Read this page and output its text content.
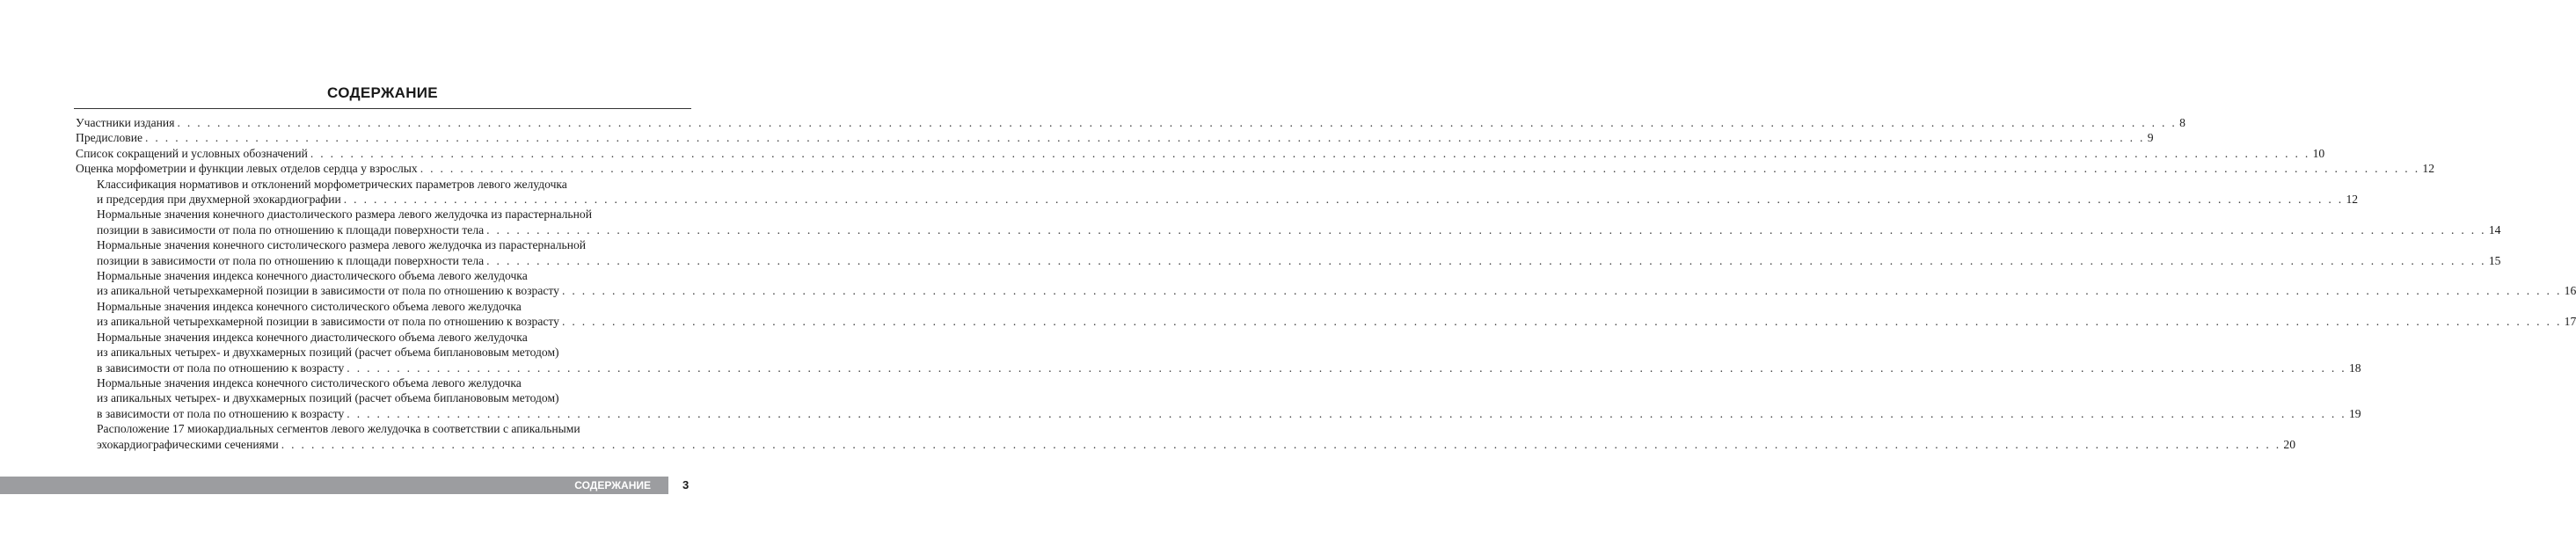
СОДЕРЖАНИЕ
Участники издания . . . . . . . . . . . . . . . . . . . . . . . . . . . . . . . . . . . . . . . . . . . . . . . . . . . . . . . . . . . . . . . . . . . . . . . . . . . . . . . . . . . . . . . . . . . . . . . . . . . . . . . . . . . . . . . . . . . . . . . . . . . . . . . . . . . . . . . . . . . . . . . . . . . . . . . . . . . . . . . . . . . . . . . . . . . . . . . . . . . . . . . . . . . . . . . . . . . . . . . . 8
Предисловие . . . . . . . . . . . . . . . . . . . . . . . . . . . . . . . . . . . . . . . . . . . . . . . . . . . . . . . . . . . . . . . . . . . . . . . . . . . . . . . . . . . . . . . . . . . . . . . . . . . . . . . . . . . . . . . . . . . . . . . . . . . . . . . . . . . . . . . . . . . . . . . . . . . . . . . . . . . . . . . . . . . . . . . . . . . . . . . . . . . . . . . . . . . . . . . . . . . . . . . . 9
Список сокращений и условных обозначений . . . . . . . . . . . . . . . . . . . . . . . . . . . . . . . . . . . . . . . . . . . . . . . . . . . . . . . . . . . . . . . . . . . . . . . . . . . . . . . . . . . . . . . . . . . . . . . . . . . . . . . . . . . . . . . . . . . . . . . . . . . . . . . . . . . . . . . . . . . . . . . . . . . . . . . . . . . . . . . . . . . . . . . . . . . . . . . . . . . . . . . . . . . . . . . . . . . . . . . . 10
Оценка морфометрии и функции левых отделов сердца у взрослых . . . . . . . . . . . . . . . . . . . . . . . . . . . . . . . . . . . . . . . . . . . . . . . . . . . . . . . . . . . . . . . . . . . . . . . . . . . . . . . . . . . . . . . . . . . . . . . . . . . . . . . . . . . . . . . . . . . . . . . . . . . . . . . . . . . . . . . . . . . . . . . . . . . . . . . . . . . . . . . . . . . . . . . . . . . . . . . . . . . . . . . . . . . . . . . . . . . . . . . . 12
Классификация нормативов и отклонений морфометрических параметров левого желудочка
и предсердия при двухмерной эхокардиографии . . . . . . . . . . . . . . . . . . . . . . . . . . . . . . . . . . . . . . . . . . . . . . . . . . . . . . . . . . . . . . . . . . . . . . . . . . . . . . . . . . . . . . . . . . . . . . . . . . . . . . . . . . . . . . . . . . . . . . . . . . . . . . . . . . . . . . . . . . . . . . . . . . . . . . . . . . . . . . . . . . . . . . . . . . . . . . . . . . . . . . . . . . . . . . . . . . . . . . . . 12
Нормальные значения конечного диастолического размера левого желудочка из парастернальной
позиции в зависимости от пола по отношению к площади поверхности тела . . . . . . . . . . . . . . . . . . . . . . . . . . . . . . . . . . . . . . . . . . . . . . . . . . . . . . . . . . . . . . . . . . . . . . . . . . . . . . . . . . . . . . . . . . . . . . . . . . . . . . . . . . . . . . . . . . . . . . . . . . . . . . . . . . . . . . . . . . . . . . . . . . . . . . . . . . . . . . . . . . . . . . . . . . . . . . . . . . . . . . . . . . . . . . . . . . . . . . . . 14
Нормальные значения конечного систолического размера левого желудочка из парастернальной
позиции в зависимости от пола по отношению к площади поверхности тела . . . . . . . . . . . . . . . . . . . . . . . . . . . . . . . . . . . . . . . . . . . . . . . . . . . . . . . . . . . . . . . . . . . . . . . . . . . . . . . . . . . . . . . . . . . . . . . . . . . . . . . . . . . . . . . . . . . . . . . . . . . . . . . . . . . . . . . . . . . . . . . . . . . . . . . . . . . . . . . . . . . . . . . . . . . . . . . . . . . . . . . . . . . . . . . . . . . . . . . . 15
Нормальные значения индекса конечного диастолического объема левого желудочка
из апикальной четырехкамерной позиции в зависимости от пола по отношению к возрасту . . . . . . . . . . . . . . . . . . . . . . . . . . . . . . . . . . . . . . . . . . . . . . . . . . . . . . . . . . . . . . . . . . . . . . . . . . . . . . . . . . . . . . . . . . . . . . . . . . . . . . . . . . . . . . . . . . . . . . . . . . . . . . . . . . . . . . . . . . . . . . . . . . . . . . . . . . . . . . . . . . . . . . . . . . . . . . . . . . . . . . . . . . . . . . . . . . . . . . . . 16
Нормальные значения индекса конечного систолического объема левого желудочка
из апикальной четырехкамерной позиции в зависимости от пола по отношению к возрасту . . . . . . . . . . . . . . . . . . . . . . . . . . . . . . . . . . . . . . . . . . . . . . . . . . . . . . . . . . . . . . . . . . . . . . . . . . . . . . . . . . . . . . . . . . . . . . . . . . . . . . . . . . . . . . . . . . . . . . . . . . . . . . . . . . . . . . . . . . . . . . . . . . . . . . . . . . . . . . . . . . . . . . . . . . . . . . . . . . . . . . . . . . . . . . . . . . . . . . . . 17
Нормальные значения индекса конечного диастолического объема левого желудочка
из апикальных четырех- и двухкамерных позиций (расчет объема бипланововым методом)
в зависимости от пола по отношению к возрасту . . . . . . . . . . . . . . . . . . . . . . . . . . . . . . . . . . . . . . . . . . . . . . . . . . . . . . . . . . . . . . . . . . . . . . . . . . . . . . . . . . . . . . . . . . . . . . . . . . . . . . . . . . . . . . . . . . . . . . . . . . . . . . . . . . . . . . . . . . . . . . . . . . . . . . . . . . . . . . . . . . . . . . . . . . . . . . . . . . . . . . . . . . . . . . . . . . . . . . . . 18
Нормальные значения индекса конечного систолического объема левого желудочка
из апикальных четырех- и двухкамерных позиций (расчет объема бипланововым методом)
в зависимости от пола по отношению к возрасту . . . . . . . . . . . . . . . . . . . . . . . . . . . . . . . . . . . . . . . . . . . . . . . . . . . . . . . . . . . . . . . . . . . . . . . . . . . . . . . . . . . . . . . . . . . . . . . . . . . . . . . . . . . . . . . . . . . . . . . . . . . . . . . . . . . . . . . . . . . . . . . . . . . . . . . . . . . . . . . . . . . . . . . . . . . . . . . . . . . . . . . . . . . . . . . . . . . . . . . . 19
Расположение 17 миокардиальных сегментов левого желудочка в соответствии с апикальными
эхокардиографическими сечениями . . . . . . . . . . . . . . . . . . . . . . . . . . . . . . . . . . . . . . . . . . . . . . . . . . . . . . . . . . . . . . . . . . . . . . . . . . . . . . . . . . . . . . . . . . . . . . . . . . . . . . . . . . . . . . . . . . . . . . . . . . . . . . . . . . . . . . . . . . . . . . . . . . . . . . . . . . . . . . . . . . . . . . . . . . . . . . . . . . . . . . . . . . . . . . . . . . . . . . . . 20
СОДЕРЖАНИЕ	3
